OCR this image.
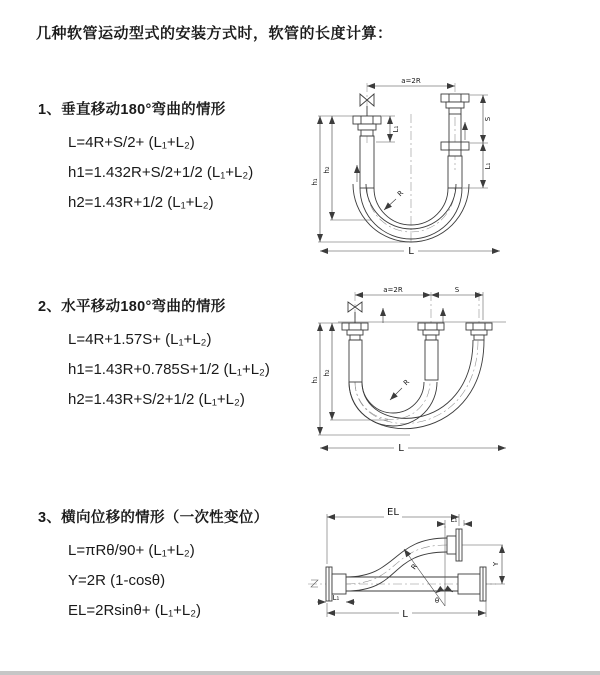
几种软管运动型式的安装方式时，软管的长度计算：
1、垂直移动180°弯曲的情形
L=4R+S/2+ (L₁+L₂)
h1=1.432R+S/2+1/2 (L₁+L₂)
h2=1.43R+1/2 (L₁+L₂)
a=2R
h₂
h₁
S
L₁
L₁
R
L
2、水平移动180°弯曲的情形
L=4R+1.57S+ (L₁+L₂)
h1=1.43R+0.785S+1/2 (L₁+L₂)
h2=1.43R+S/2+1/2 (L₁+L₂)
a=2R	S
h₂
h₁	R
L
3、横向位移的情形（一次性变位）
L=πRθ/90+ (L₁+L₂)
Y=2R (1-cosθ)
EL=2Rsinθ+ (L₁+L₂)
EL
L₁
Y
R
θ
L₁
L
